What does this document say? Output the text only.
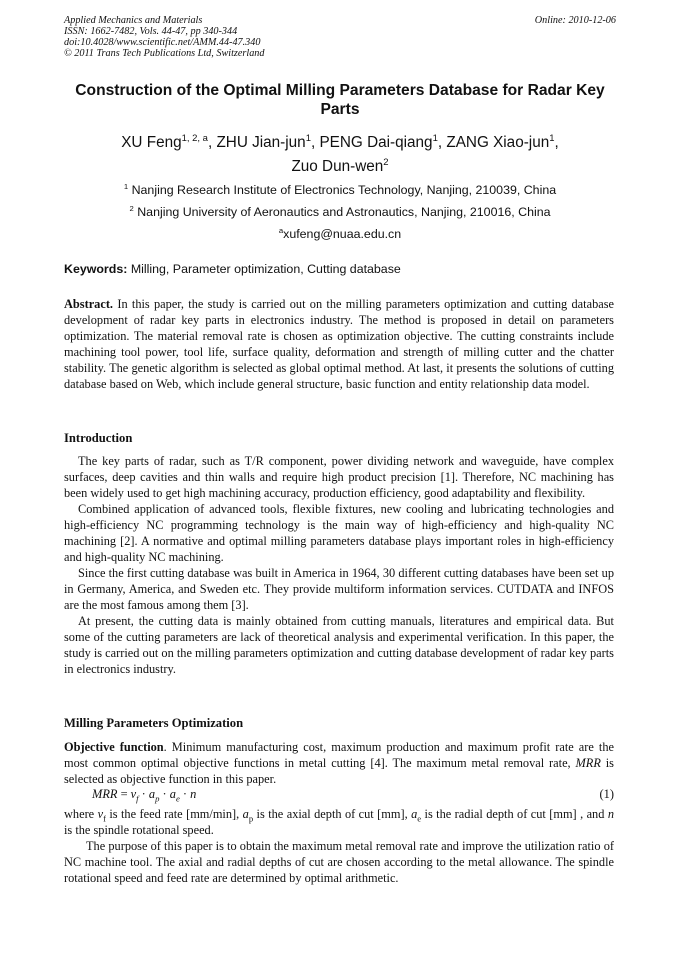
Applied Mechanics and Materials
ISSN: 1662-7482, Vols. 44-47, pp 340-344
doi:10.4028/www.scientific.net/AMM.44-47.340
© 2011 Trans Tech Publications Ltd, Switzerland
Online: 2010-12-06
Construction of the Optimal Milling Parameters Database for Radar Key Parts
XU Feng$^{1, 2, a}$, ZHU Jian-jun$^1$, PENG Dai-qiang$^1$, ZANG Xiao-jun$^1$,
Zuo Dun-wen$^2$
$^1$ Nanjing Research Institute of Electronics Technology, Nanjing, 210039, China
$^2$ Nanjing University of Aeronautics and Astronautics, Nanjing, 210016, China
$^a$xufeng@nuaa.edu.cn
Keywords: Milling, Parameter optimization, Cutting database

Abstract. In this paper, the study is carried out on the milling parameters optimization and cutting database development of radar key parts in electronics industry. The method is proposed in detail on parameters optimization. The material removal rate is chosen as optimization objective. The cutting constraints include machining tool power, tool life, surface quality, deformation and strength of milling cutter and the chatter stability. The genetic algorithm is selected as global optimal method. At last, it presents the solutions of cutting database based on Web, which include general structure, basic function and entity relationship data model.

Introduction

The key parts of radar, such as T/R component, power dividing network and waveguide, have complex surfaces, deep cavities and thin walls and require high product precision [1]. Therefore, NC machining has been widely used to get high machining accuracy, production efficiency, good adaptability and flexibility.

Combined application of advanced tools, flexible fixtures, new cooling and lubricating technologies and high-efficiency NC programming technology is the main way of high-efficiency and high-quality NC machining [2]. A normative and optimal milling parameters database plays important roles in high-efficiency and high-quality NC machining.

Since the first cutting database was built in America in 1964, 30 different cutting databases have been set up in Germany, America, and Sweden etc. They provide multiform information services. CUTDATA and INFOS are the most famous among them [3].

At present, the cutting data is mainly obtained from cutting manuals, literatures and empirical data. But some of the cutting parameters are lack of theoretical analysis and experimental verification. In this paper, the study is carried out on the milling parameters optimization and cutting database development of radar key parts in electronics industry.

Milling Parameters Optimization

Objective function. Minimum manufacturing cost, maximum production and maximum profit rate are the most common optimal objective functions in metal cutting [4]. The maximum metal removal rate, MRR is selected as objective function in this paper.

MRR = $v_f \cdot a_p \cdot a_e \cdot n$	(1)

where $v_f$ is the feed rate [mm/min], $a_p$ is the axial depth of cut [mm], $a_e$ is the radial depth of cut [mm] , and n is the spindle rotational speed.

The purpose of this paper is to obtain the maximum metal removal rate and improve the utilization ratio of NC machine tool. The axial and radial depths of cut are chosen according to the metal allowance. The spindle rotational speed and feed rate are determined by optimal arithmetic.
